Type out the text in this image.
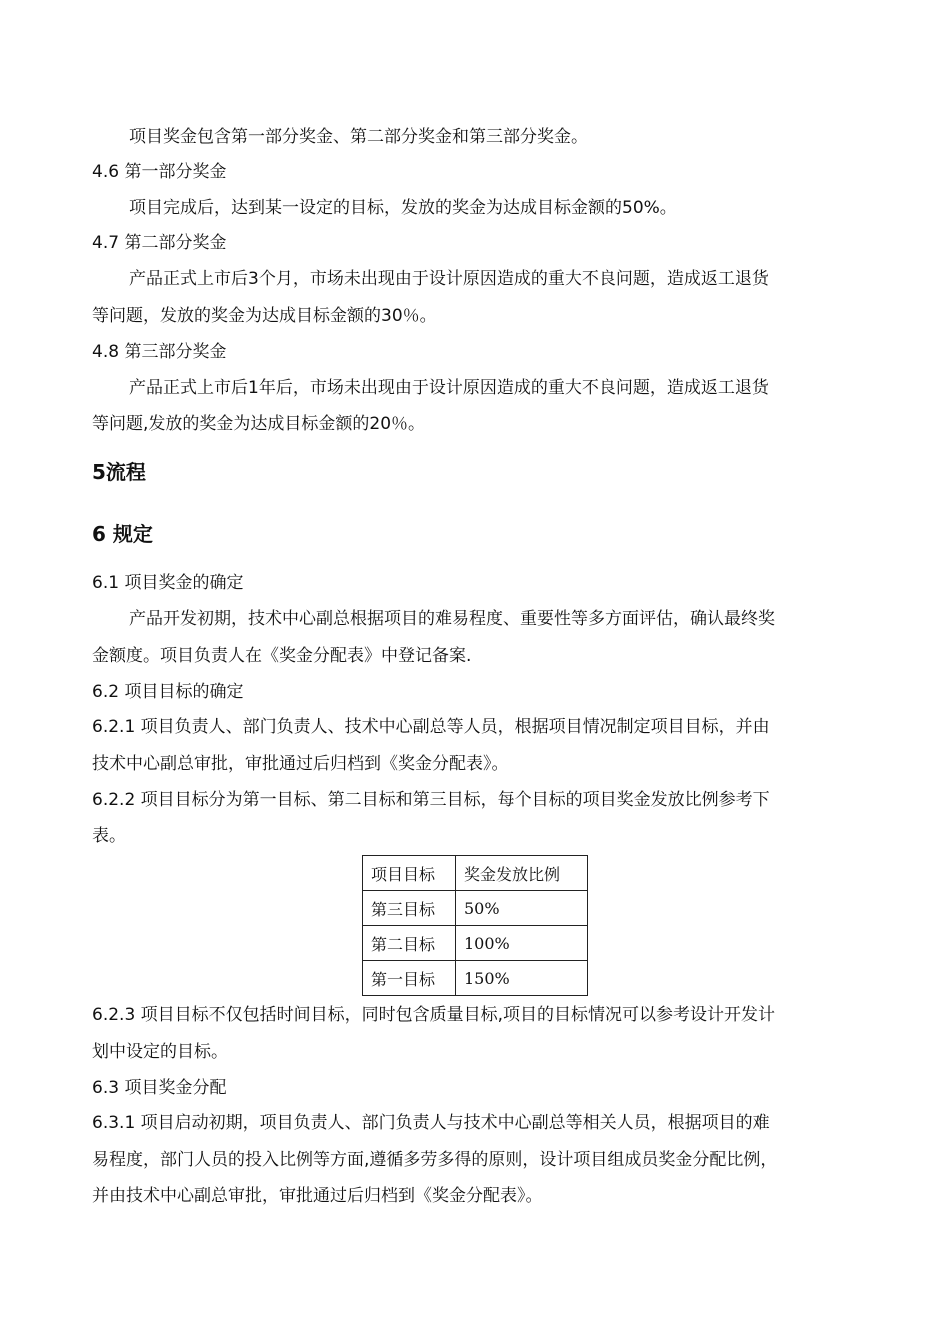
项目奖金包含第一部分奖金、第二部分奖金和第三部分奖金。
4.6 第一部分奖金
项目完成后，达到某一设定的目标，发放的奖金为达成目标金额的50%。
4.7 第二部分奖金
产品正式上市后3个月，市场未出现由于设计原因造成的重大不良问题，造成返工退货
等问题，发放的奖金为达成目标金额的30％。
4.8 第三部分奖金
产品正式上市后1年后，市场未出现由于设计原因造成的重大不良问题，造成返工退货
等问题,发放的奖金为达成目标金额的20％。
5流程
6 规定
6.1 项目奖金的确定
产品开发初期，技术中心副总根据项目的难易程度、重要性等多方面评估，确认最终奖
金额度。项目负责人在《奖金分配表》中登记备案.
6.2 项目目标的确定
6.2.1 项目负责人、部门负责人、技术中心副总等人员，根据项目情况制定项目目标，并由
技术中心副总审批，审批通过后归档到《奖金分配表》。
6.2.2 项目目标分为第一目标、第二目标和第三目标，每个目标的项目奖金发放比例参考下
表。
项目目标	奖金发放比例
第三目标	50%
第二目标	100%
第一目标	150%
6.2.3 项目目标不仅包括时间目标，同时包含质量目标,项目的目标情况可以参考设计开发计
划中设定的目标。
6.3 项目奖金分配
6.3.1 项目启动初期，项目负责人、部门负责人与技术中心副总等相关人员，根据项目的难
易程度，部门人员的投入比例等方面,遵循多劳多得的原则，设计项目组成员奖金分配比例，
并由技术中心副总审批，审批通过后归档到《奖金分配表》。
